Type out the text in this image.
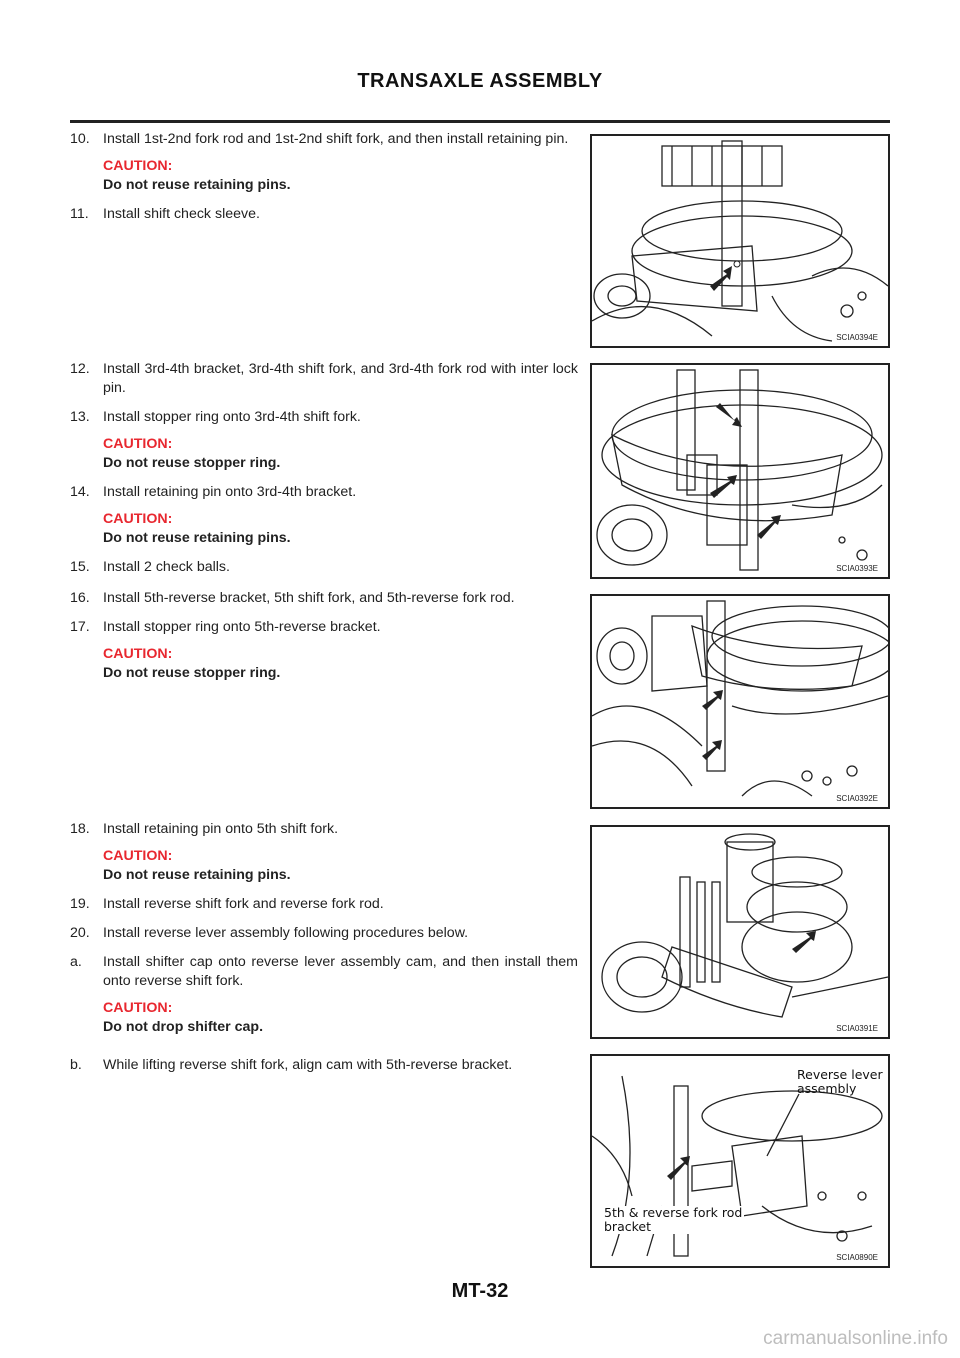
TRANSAXLE ASSEMBLY
10. Install 1st-2nd fork rod and 1st-2nd shift fork, and then install retaining pin.
CAUTION:
Do not reuse retaining pins.
11. Install shift check sleeve.
12. Install 3rd-4th bracket, 3rd-4th shift fork, and 3rd-4th fork rod with inter lock pin.
13. Install stopper ring onto 3rd-4th shift fork.
CAUTION:
Do not reuse stopper ring.
14. Install retaining pin onto 3rd-4th bracket.
CAUTION:
Do not reuse retaining pins.
15. Install 2 check balls.
16. Install 5th-reverse bracket, 5th shift fork, and 5th-reverse fork rod.
17. Install stopper ring onto 5th-reverse bracket.
CAUTION:
Do not reuse stopper ring.
18. Install retaining pin onto 5th shift fork.
CAUTION:
Do not reuse retaining pins.
19. Install reverse shift fork and reverse fork rod.
20. Install reverse lever assembly following procedures below.
a. Install shifter cap onto reverse lever assembly cam, and then install them onto reverse shift fork.
CAUTION:
Do not drop shifter cap.
b. While lifting reverse shift fork, align cam with 5th-reverse bracket.
SCIA0394E
SCIA0393E
SCIA0392E
SCIA0391E
Reverse lever assembly
5th & reverse fork rod bracket
SCIA0890E
MT-32
carmanualsonline.info
